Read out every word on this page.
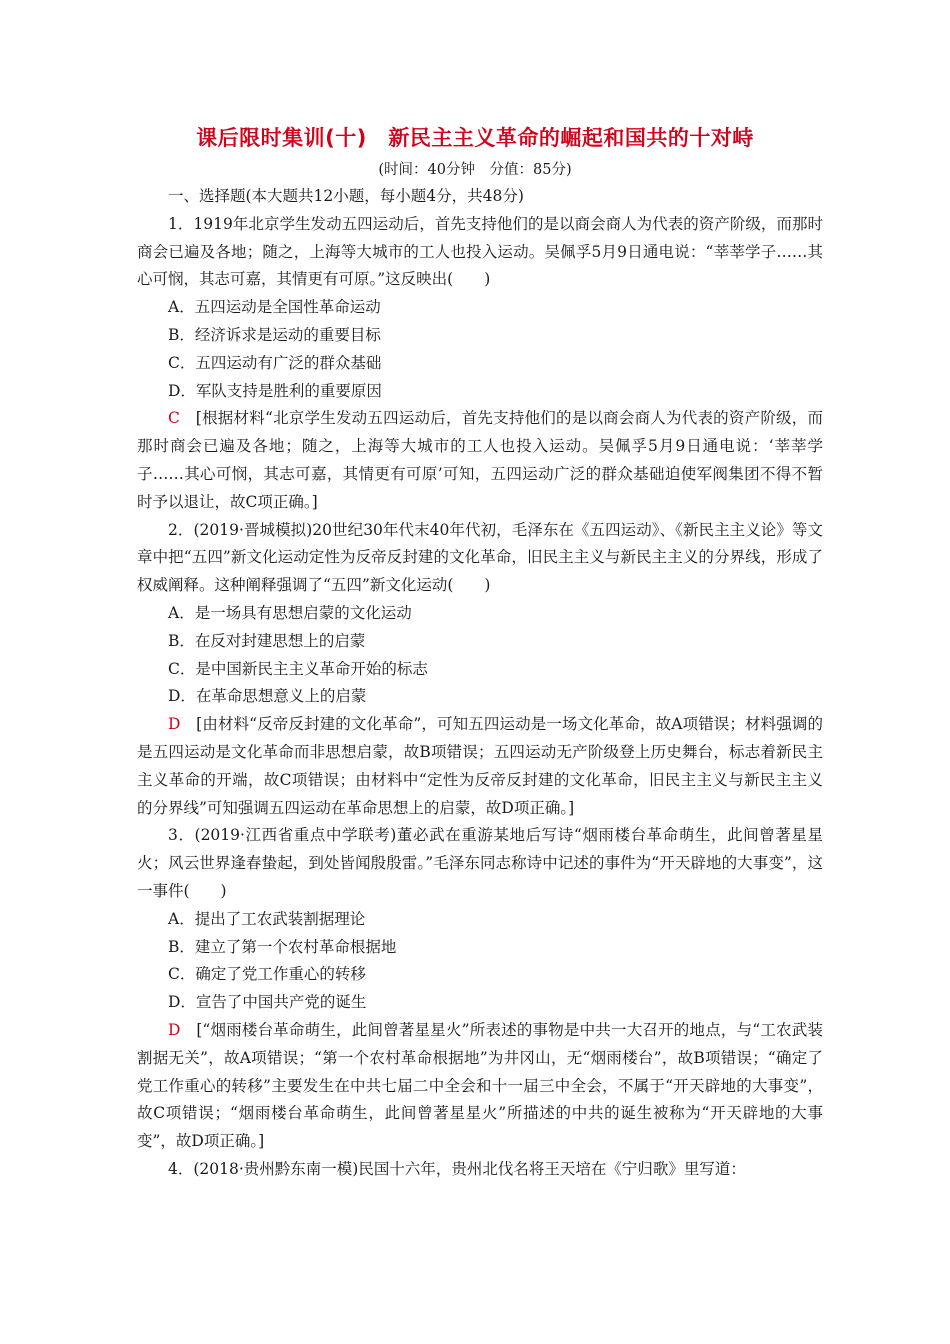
课后限时集训(十)　新民主主义革命的崛起和国共的十对峙
(时间：40分钟　分值：85分)

一、选择题(本大题共12小题，每小题4分，共48分)

1．1919年北京学生发动五四运动后，首先支持他们的是以商会商人为代表的资产阶级，而那时商会已遍及各地；随之，上海等大城市的工人也投入运动。吴佩孚5月9日通电说：“莘莘学子……其心可悯，其志可嘉，其情更有可原。”这反映出(　　)

A．五四运动是全国性革命运动

B．经济诉求是运动的重要目标

C．五四运动有广泛的群众基础

D．军队支持是胜利的重要原因

C　[根据材料“北京学生发动五四运动后，首先支持他们的是以商会商人为代表的资产阶级，而那时商会已遍及各地；随之，上海等大城市的工人也投入运动。吴佩孚5月9日通电说：‘莘莘学子……其心可悯，其志可嘉，其情更有可原’可知，五四运动广泛的群众基础迫使军阀集团不得不暂时予以退让，故C项正确。]

2．(2019·晋城模拟)20世纪30年代末40年代初，毛泽东在《五四运动》、《新民主主义论》等文章中把“五四”新文化运动定性为反帝反封建的文化革命，旧民主主义与新民主主义的分界线，形成了权威阐释。这种阐释强调了“五四”新文化运动(　　)

A．是一场具有思想启蒙的文化运动

B．在反对封建思想上的启蒙

C．是中国新民主主义革命开始的标志

D．在革命思想意义上的启蒙

D　[由材料“反帝反封建的文化革命”，可知五四运动是一场文化革命，故A项错误；材料强调的是五四运动是文化革命而非思想启蒙，故B项错误；五四运动无产阶级登上历史舞台，标志着新民主主义革命的开端，故C项错误；由材料中“定性为反帝反封建的文化革命，旧民主主义与新民主主义的分界线”可知强调五四运动在革命思想上的启蒙，故D项正确。]

3．(2019·江西省重点中学联考)董必武在重游某地后写诗“烟雨楼台革命萌生，此间曾著星星火；风云世界逢春蛰起，到处皆闻殷殷雷。”毛泽东同志称诗中记述的事件为“开天辟地的大事变”，这一事件(　　)

A．提出了工农武装割据理论

B．建立了第一个农村革命根据地

C．确定了党工作重心的转移

D．宣告了中国共产党的诞生

D　[“烟雨楼台革命萌生，此间曾著星星火”所表述的事物是中共一大召开的地点，与“工农武装割据无关”，故A项错误；“第一个农村革命根据地”为井冈山，无“烟雨楼台”，故B项错误；“确定了党工作重心的转移”主要发生在中共七届二中全会和十一届三中全会，不属于“开天辟地的大事变”，故C项错误；“烟雨楼台革命萌生，此间曾著星星火”所描述的中共的诞生被称为“开天辟地的大事变”，故D项正确。]

4．(2018·贵州黔东南一模)民国十六年，贵州北伐名将王天培在《宁归歌》里写道：
